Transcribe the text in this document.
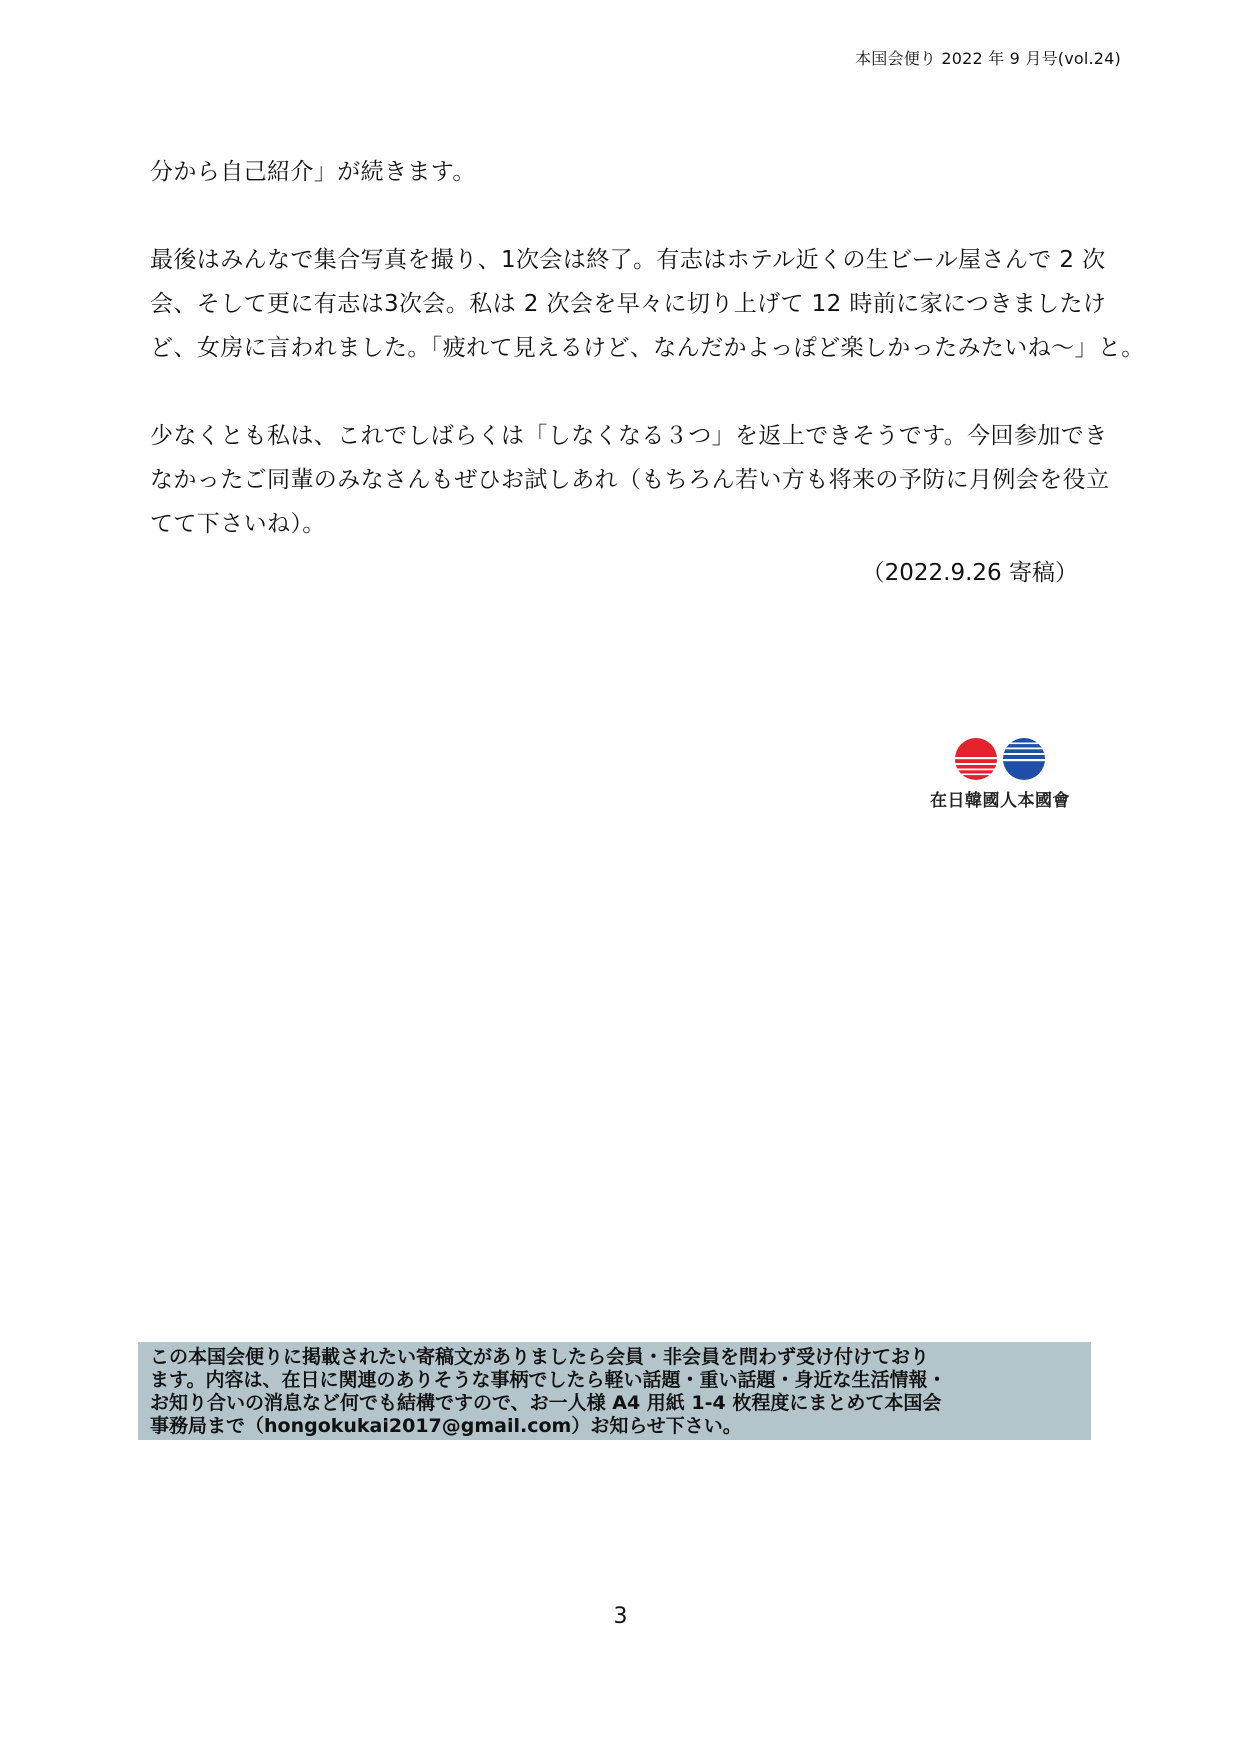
本国会便り 2022 年 9 月号(vol.24)
分から自己紹介」が続きます。
最後はみんなで集合写真を撮り、1次会は終了。有志はホテル近くの生ビール屋さんで 2 次
会、そして更に有志は3次会。私は 2 次会を早々に切り上げて 12 時前に家につきましたけ
ど、女房に言われました。「疲れて見えるけど、なんだかよっぽど楽しかったみたいね～」と。
少なくとも私は、これでしばらくは「しなくなる３つ」を返上できそうです。今回参加でき
なかったご同輩のみなさんもぜひお試しあれ（もちろん若い方も将来の予防に月例会を役立
てて下さいね）。
（2022.9.26 寄稿）
在日韓國人本國會
この本国会便りに掲載されたい寄稿文がありましたら会員・非会員を問わず受け付けており
ます。内容は、在日に関連のありそうな事柄でしたら軽い話題・重い話題・身近な生活情報・
お知り合いの消息など何でも結構ですので、お一人様 A4 用紙 1-4 枚程度にまとめて本国会
事務局まで（hongokukai2017@gmail.com）お知らせ下さい。
3
